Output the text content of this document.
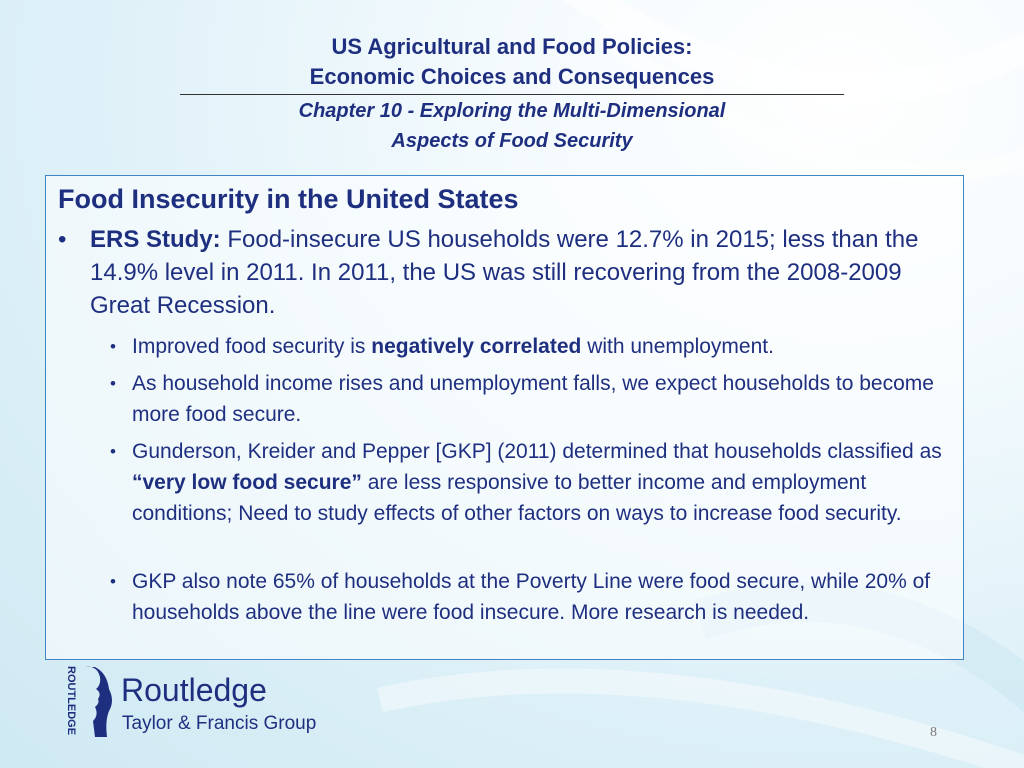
US Agricultural and Food Policies:
Economic Choices and Consequences
Chapter 10 - Exploring the Multi-Dimensional
Aspects of Food Security
Food Insecurity in the United States
• ERS Study: Food-insecure US households were 12.7% in 2015; less than the 14.9% level in 2011. In 2011, the US was still recovering from the 2008-2009 Great Recession.
• Improved food security is negatively correlated with unemployment.
• As household income rises and unemployment falls, we expect households to become more food secure.
• Gunderson, Kreider and Pepper [GKP] (2011) determined that households classified as “very low food secure” are less responsive to better income and employment conditions; Need to study effects of other factors on ways to increase food security.
• GKP also note 65% of households at the Poverty Line were food secure, while 20% of households above the line were food insecure. More research is needed.
ROUTLEDGE Routledge
Taylor & Francis Group	8
